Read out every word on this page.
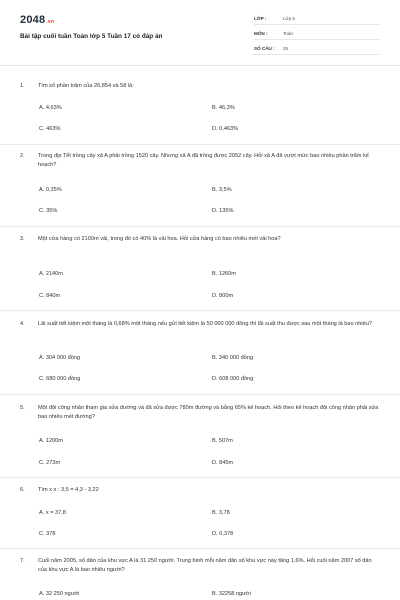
2048.vn
Bài tập cuối tuần Toán lớp 5 Tuần 17 có đáp án
LỚP :	Lớp 5
MÔN :	Toán
SỐ CÂU : 25
1.	Tìm số phần trăm của 26,854 và 58 là:
A. 4,63%	B. 46,3%
C. 463%	D. 0,463%
2.	Trong dịp Tết trồng cây xã A phải trồng 1520 cây. Nhưng xã A đã trồng được 2052 cây. Hỏi xã A đã vượt mức bao nhiêu phần trăm kế hoạch?
A. 0,35%	B. 3,5%
C. 35%	D. 135%
3.	Một cửa hàng có 2100m vải, trong đó có 40% là vải hoa. Hỏi cửa hàng có bao nhiêu mét vải hoa?
A. 2140m	B. 1260m
C. 840m	D. 800m
4.	Lãi suất tiết kiệm một tháng là 0,68% một tháng nếu gửi tiết kiệm là 50 000 000 đồng thì lãi suất thu được sau một tháng là bao nhiêu?
A. 304 000 đồng	B. 340 000 đồng
C. 680 000 đồng	D. 608 000 đồng
5.	Một đội công nhân tham gia sửa đường và đã sửa được 780m đường và bằng 65% kế hoạch. Hỏi theo kế hoạch đội công nhân phải sửa bao nhiêu mét đường?
A. 1200m	B. 507m
C. 273m	D. 845m
6.	Tìm x x : 3,5 = 4,3 - 3,22
A. x = 37,8	B. 3,78
C. 378	D. 0,378
7.	Cuối năm 2005, số dân của khu vực A là 31 250 người. Trung bình mỗi năm dân số khu vực này tăng 1,6%. Hỏi cuối năm 2007 số dân của khu vực A là bao nhiêu người?
A. 32 250 người	B. 32258 người
